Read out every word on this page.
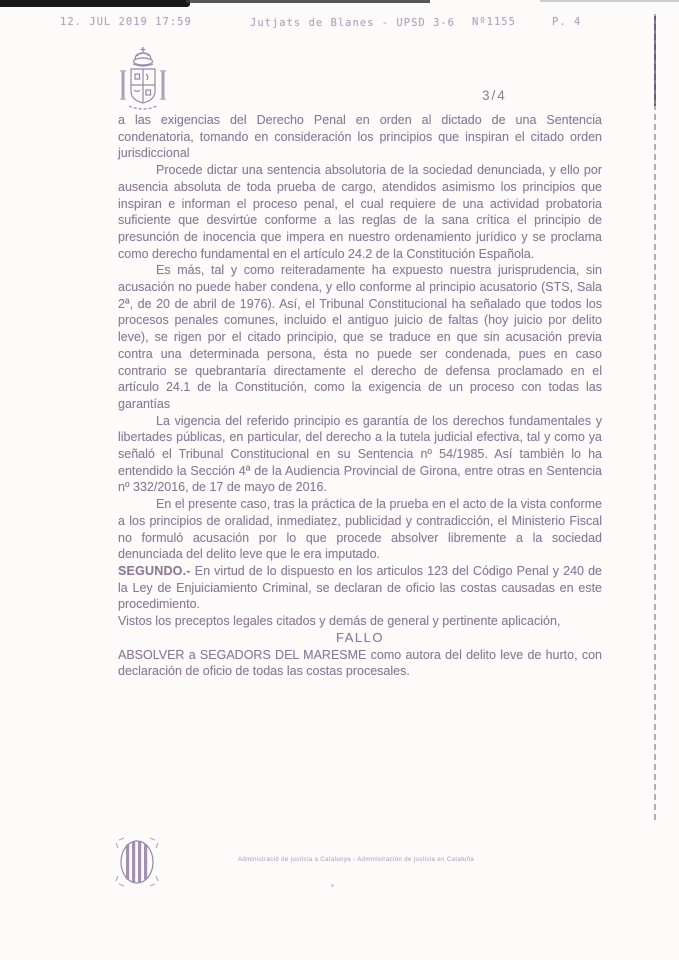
12. JUL 2019 17:59	Jutjats de Blanes - UPSD 3-6 Nº1155	P. 4
3/4

a las exigencias del Derecho Penal en orden al dictado de una Sentencia condenatoria, tomando en consideración los principios que inspiran el citado orden jurisdiccional

Procede dictar una sentencia absolutoria de la sociedad denunciada, y ello por ausencia absoluta de toda prueba de cargo, atendidos asimismo los principios que inspiran e informan el proceso penal, el cual requiere de una actividad probatoria suficiente que desvirtúe conforme a las reglas de la sana crítica el principio de presunción de inocencia que impera en nuestro ordenamiento jurídico y se proclama como derecho fundamental en el artículo 24.2 de la Constitución Española.

Es más, tal y como reiteradamente ha expuesto nuestra jurisprudencia, sin acusación no puede haber condena, y ello conforme al principio acusatorio (STS, Sala 2ª, de 20 de abril de 1976). Así, el Tribunal Constitucional ha señalado que todos los procesos penales comunes, incluido el antiguo juicio de faltas (hoy juicio por delito leve), se rigen por el citado principio, que se traduce en que sin acusación previa contra una determinada persona, ésta no puede ser condenada, pues en caso contrario se quebrantaría directamente el derecho de defensa proclamado en el artículo 24.1 de la Constitución, como la exigencia de un proceso con todas las garantías

La vigencia del referido principio es garantía de los derechos fundamentales y libertades públicas, en particular, del derecho a la tutela judicial efectiva, tal y como ya señaló el Tribunal Constitucional en su Sentencia nº 54/1985. Así también lo ha entendido la Sección 4ª de la Audiencia Provincial de Girona, entre otras en Sentencia nº 332/2016, de 17 de mayo de 2016.

En el presente caso, tras la práctica de la prueba en el acto de la vista conforme a los principios de oralidad, inmediatez, publicidad y contradicción, el Ministerio Fiscal no formuló acusación por lo que procede absolver libremente a la sociedad denunciada del delito leve que le era imputado.

SEGUNDO.- En virtud de lo dispuesto en los articulos 123 del Código Penal y 240 de la Ley de Enjuiciamiento Criminal, se declaran de oficio las costas causadas en este procedimiento.

Vistos los preceptos legales citados y demás de general y pertinente aplicación,

FALLO

ABSOLVER a SEGADORS DEL MARESME como autora del delito leve de hurto, con declaración de oficio de todas las costas procesales.

Administració de justícia a Catalunya - Administración de justicia en Cataluña
